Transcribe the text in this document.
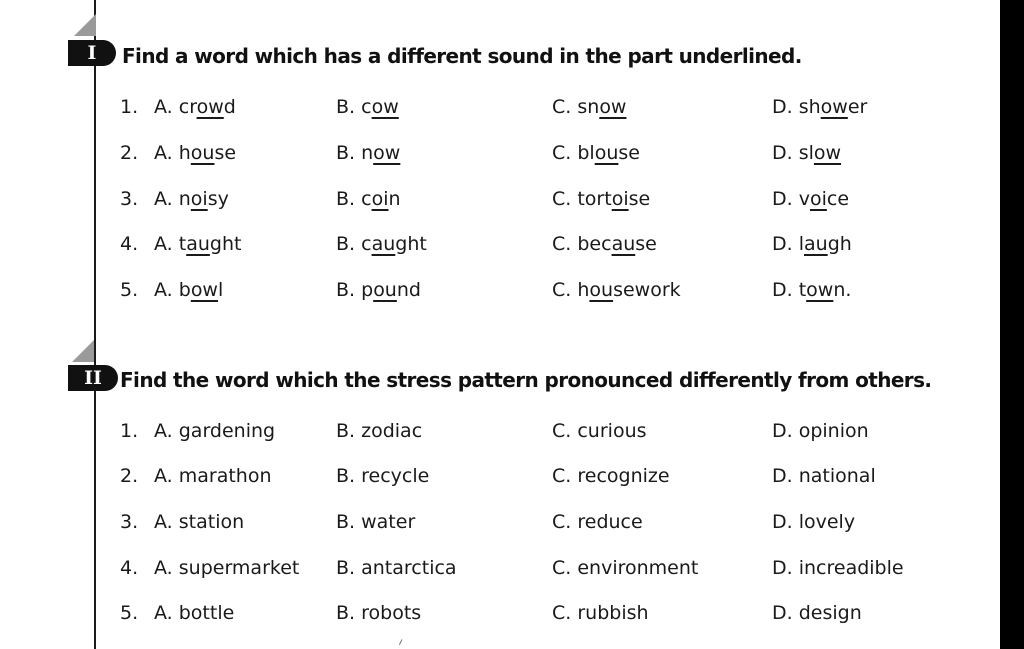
I	Find a word which has a different sound in the part underlined.
1. A. crowd	B. cow	C. snow	D. shower
2. A. house	B. now	C. blouse	D. slow
3. A. noisy	B. coin	C. tortoise	D. voice
4. A. taught	B. caught	C. because	D. laugh
5. A. bowl	B. pound	C. housework	D. town.
II Find the word which the stress pattern pronounced differently from others.
1. A. gardening	B. zodiac	C. curious	D. opinion
2. A. marathon	B. recycle	C. recognize	D. national
3. A. station	B. water	C. reduce	D. lovely
4. A. supermarket B. antarctica	C. environment	D. increadible
5. A. bottle	B. robots	C. rubbish	D. design
